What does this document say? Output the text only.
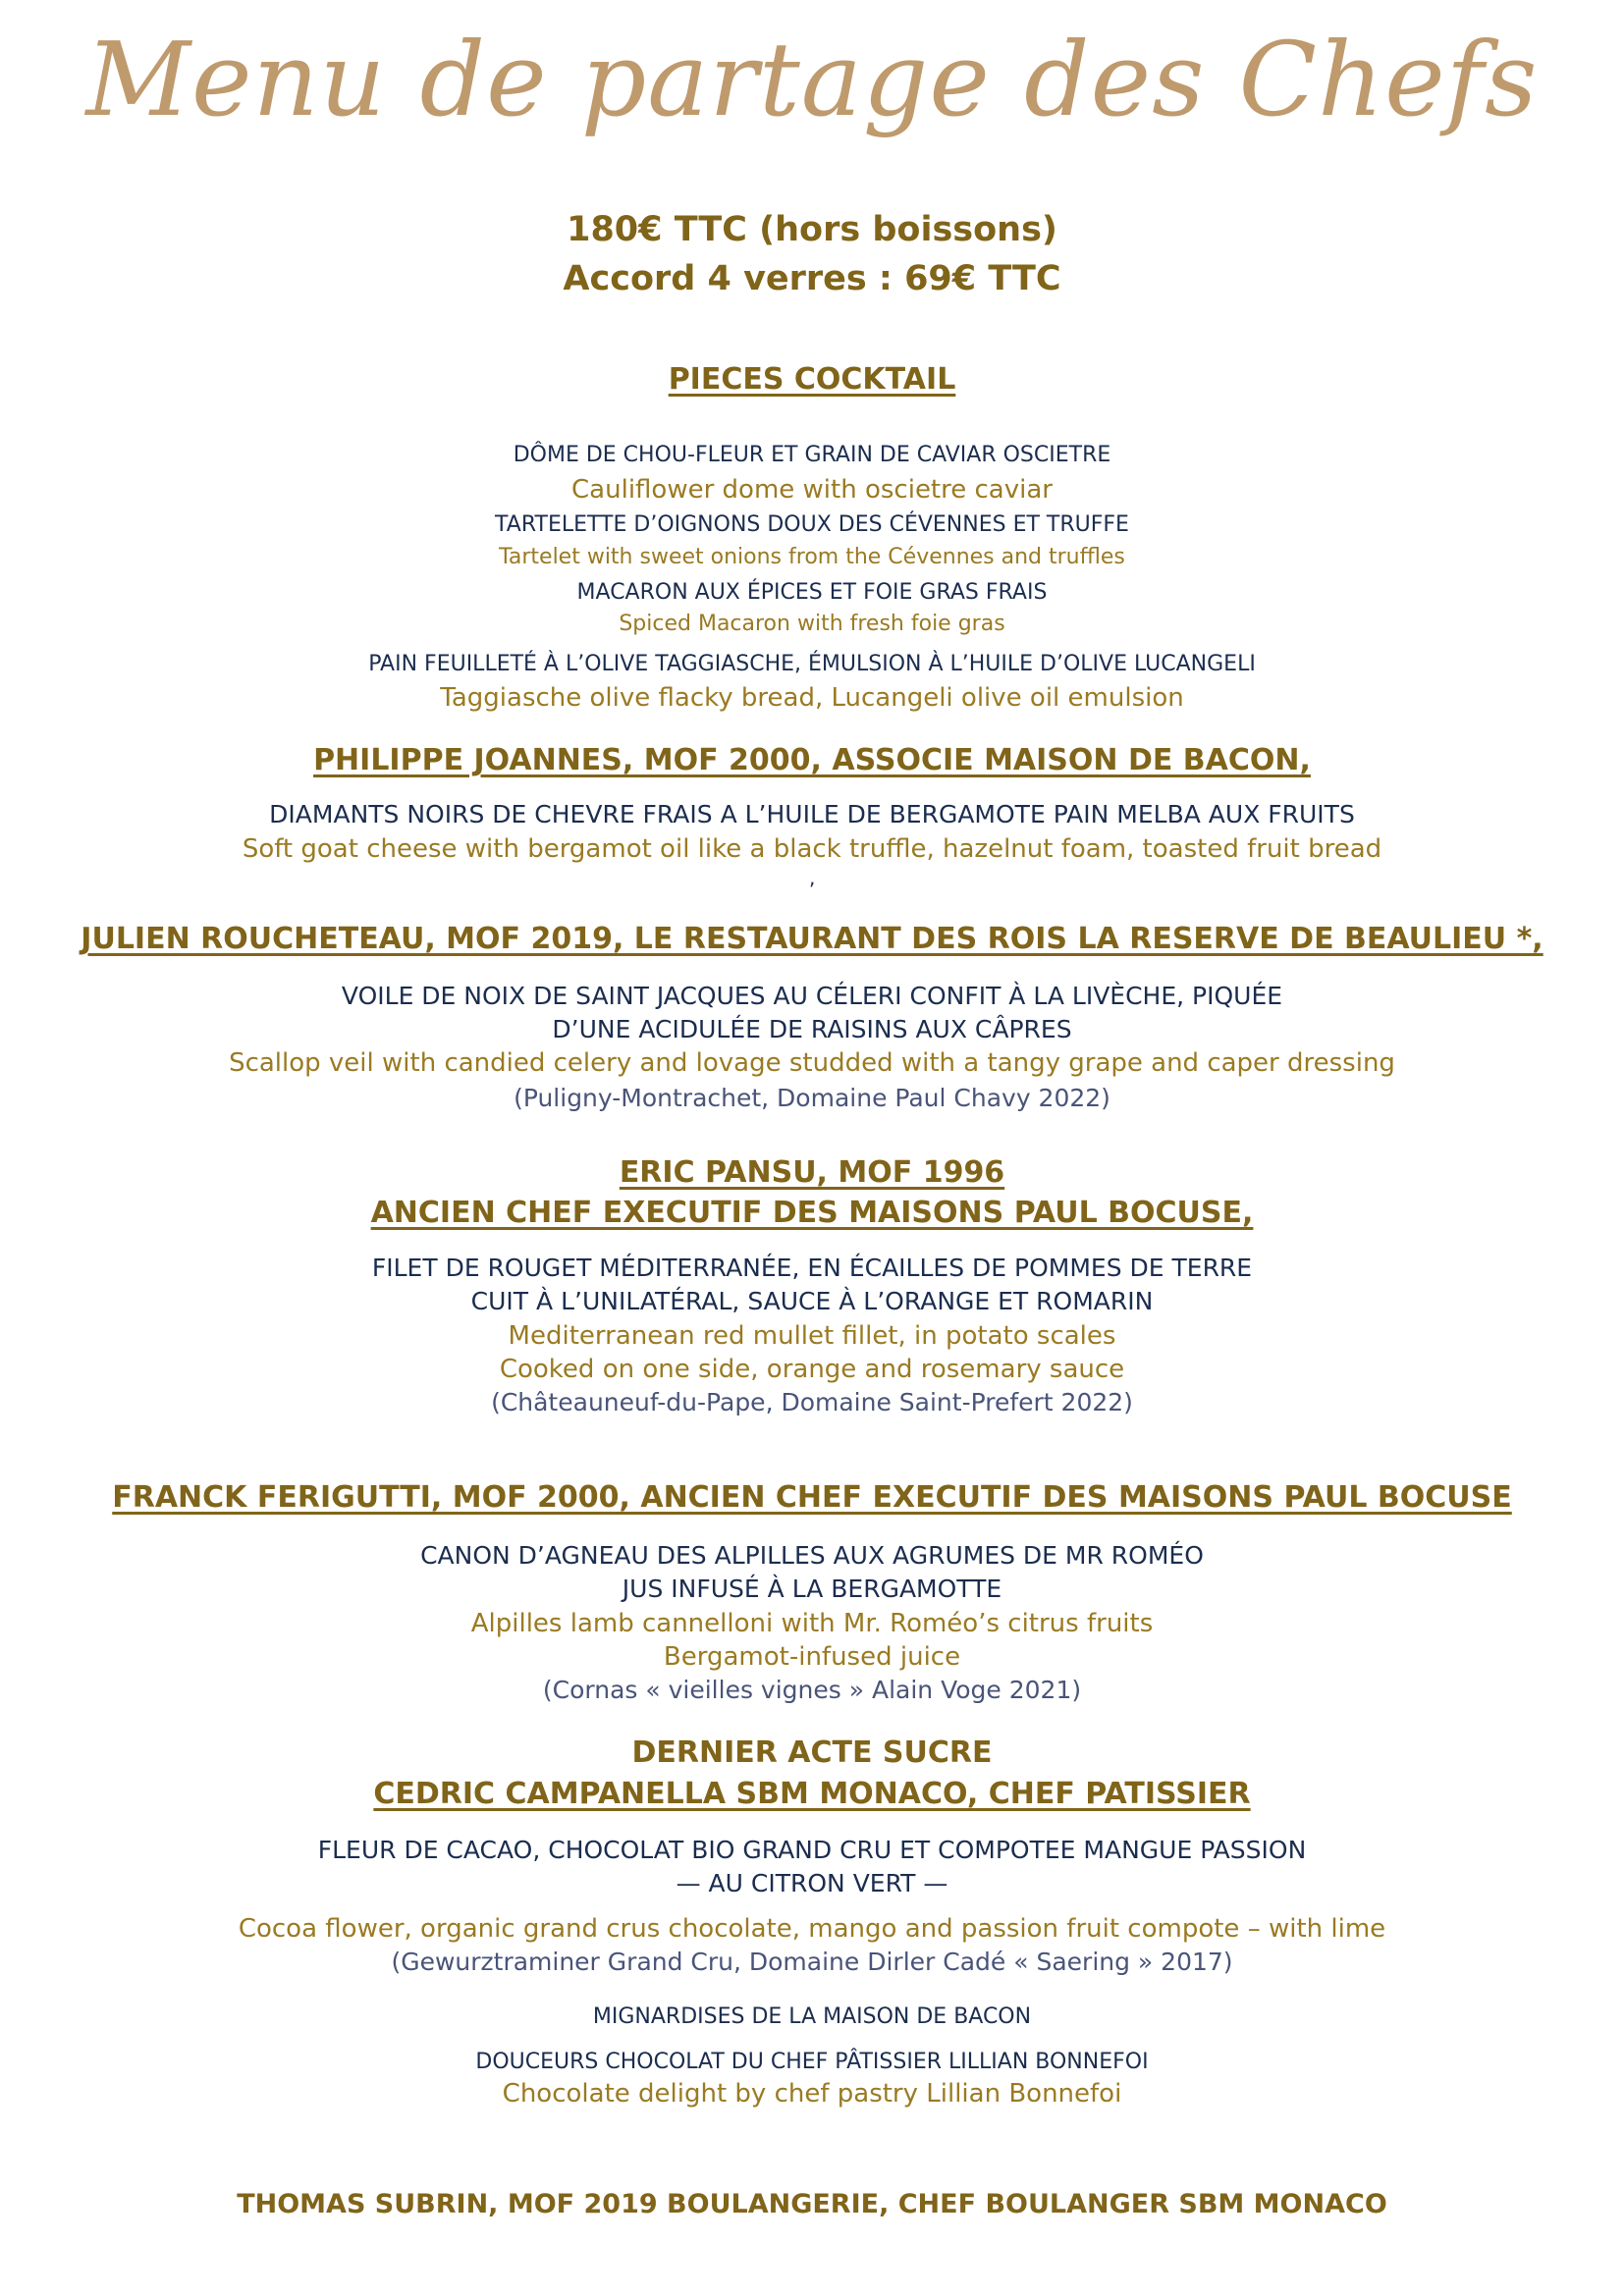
Menu de partage des Chefs
180€ TTC (hors boissons)
Accord 4 verres : 69€ TTC
PIECES COCKTAIL
DÔME DE CHOU-FLEUR ET GRAIN DE CAVIAR OSCIETRE
Cauliflower dome with oscietre caviar
TARTELETTE D’OIGNONS DOUX DES CÉVENNES ET TRUFFE
Tartelet with sweet onions from the Cévennes and truffles
MACARON AUX ÉPICES ET FOIE GRAS FRAIS
Spiced Macaron with fresh foie gras
PAIN FEUILLETÉ À L’OLIVE TAGGIASCHE, ÉMULSION À L’HUILE D’OLIVE LUCANGELI
Taggiasche olive flacky bread, Lucangeli olive oil emulsion
PHILIPPE JOANNES, MOF 2000, ASSOCIE MAISON DE BACON,
DIAMANTS NOIRS DE CHEVRE FRAIS A L’HUILE DE BERGAMOTE PAIN MELBA AUX FRUITS
Soft goat cheese with bergamot oil like a black truffle, hazelnut foam, toasted fruit bread
‚
JULIEN ROUCHETEAU, MOF 2019, LE RESTAURANT DES ROIS LA RESERVE DE BEAULIEU *,
VOILE DE NOIX DE SAINT JACQUES AU CÉLERI CONFIT À LA LIVÈCHE, PIQUÉE
D’UNE ACIDULÉE DE RAISINS AUX CÂPRES
Scallop veil with candied celery and lovage studded with a tangy grape and caper dressing
(Puligny-Montrachet, Domaine Paul Chavy 2022)
ERIC PANSU, MOF 1996
ANCIEN CHEF EXECUTIF DES MAISONS PAUL BOCUSE,
FILET DE ROUGET MÉDITERRANÉE, EN ÉCAILLES DE POMMES DE TERRE
CUIT À L’UNILATÉRAL, SAUCE À L’ORANGE ET ROMARIN
Mediterranean red mullet fillet, in potato scales
Cooked on one side, orange and rosemary sauce
(Châteauneuf-du-Pape, Domaine Saint-Prefert 2022)
FRANCK FERIGUTTI, MOF 2000, ANCIEN CHEF EXECUTIF DES MAISONS PAUL BOCUSE
CANON D’AGNEAU DES ALPILLES AUX AGRUMES DE MR ROMÉO
JUS INFUSÉ À LA BERGAMOTTE
Alpilles lamb cannelloni with Mr. Roméo’s citrus fruits
Bergamot-infused juice
(Cornas « vieilles vignes » Alain Voge 2021)
DERNIER ACTE SUCRE
CEDRIC CAMPANELLA SBM MONACO, CHEF PATISSIER
FLEUR DE CACAO, CHOCOLAT BIO GRAND CRU ET COMPOTEE MANGUE PASSION
— AU CITRON VERT —
Cocoa flower, organic grand crus chocolate, mango and passion fruit compote – with lime
(Gewurztraminer Grand Cru, Domaine Dirler Cadé « Saering » 2017)
MIGNARDISES DE LA MAISON DE BACON
DOUCEURS CHOCOLAT DU CHEF PÂTISSIER LILLIAN BONNEFOI
Chocolate delight by chef pastry Lillian Bonnefoi
THOMAS SUBRIN, MOF 2019 BOULANGERIE, CHEF BOULANGER SBM MONACO
